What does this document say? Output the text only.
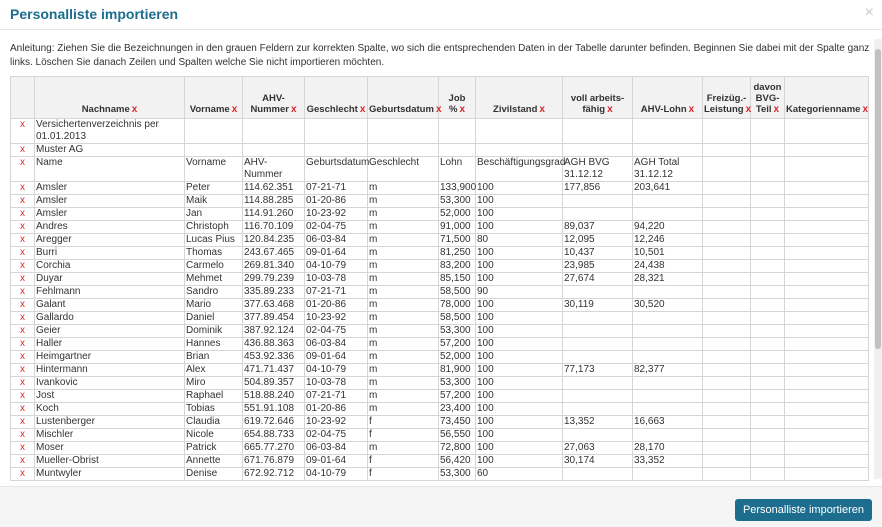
Personalliste importieren	×
Anleitung: Ziehen Sie die Bezeichnungen in den grauen Feldern zur korrekten Spalte, wo sich die entsprechenden Daten in der Tabelle darunter befinden. Beginnen Sie dabei mit der Spalte ganz links. Löschen Sie danach Zeilen und Spalten welche Sie nicht importieren möchten.
	Nachname x	Vorname x	AHV-Nummer x	Geschlecht x	Geburtsdatum x	Job % x	Zivilstand x	voll arbeits-fähig x	AHV-Lohn x	Freizüg.-Leistung x	davon BVG-Teil x	Kategorienname x
x	Versichertenverzeichnis per 01.01.2013											
x	Muster AG											
x	Name	Vorname	AHV-Nummer	Geburtsdatum	Geschlecht	Lohn	Beschäftigungsgrad	AGH BVG 31.12.12	AGH Total 31.12.12			
x	Amsler	Peter	114.62.351	07-21-71	m	133,900	100	177,856	203,641			
x	Amsler	Maik	114.88.285	01-20-86	m	53,300	100					
x	Amsler	Jan	114.91.260	10-23-92	m	52,000	100					
x	Andres	Christoph	116.70.109	02-04-75	m	91,000	100	89,037	94,220			
x	Aregger	Lucas Pius	120.84.235	06-03-84	m	71,500	80	12,095	12,246			
x	Burri	Thomas	243.67.465	09-01-64	m	81,250	100	10,437	10,501			
x	Corchia	Carmelo	269.81.340	04-10-79	m	83,200	100	23,985	24,438			
x	Duyar	Mehmet	299.79.239	10-03-78	m	85,150	100	27,674	28,321			
x	Fehlmann	Sandro	335.89.233	07-21-71	m	58,500	90					
x	Galant	Mario	377.63.468	01-20-86	m	78,000	100	30,119	30,520			
x	Gallardo	Daniel	377.89.454	10-23-92	m	58,500	100					
x	Geier	Dominik	387.92.124	02-04-75	m	53,300	100					
x	Haller	Hannes	436.88.363	06-03-84	m	57,200	100					
x	Heimgartner	Brian	453.92.336	09-01-64	m	52,000	100					
x	Hintermann	Alex	471.71.437	04-10-79	m	81,900	100	77,173	82,377			
x	Ivankovic	Miro	504.89.357	10-03-78	m	53,300	100					
x	Jost	Raphael	518.88.240	07-21-71	m	57,200	100					
x	Koch	Tobias	551.91.108	01-20-86	m	23,400	100					
x	Lustenberger	Claudia	619.72.646	10-23-92	f	73,450	100	13,352	16,663			
x	Mischler	Nicole	654.88.733	02-04-75	f	56,550	100					
x	Moser	Patrick	665.77.270	06-03-84	m	72,800	100	27,063	28,170			
x	Mueller-Obrist	Annette	671.76.879	09-01-64	f	56,420	100	30,174	33,352			
x	Muntwyler	Denise	672.92.712	04-10-79	f	53,300	60					
Personalliste importieren
